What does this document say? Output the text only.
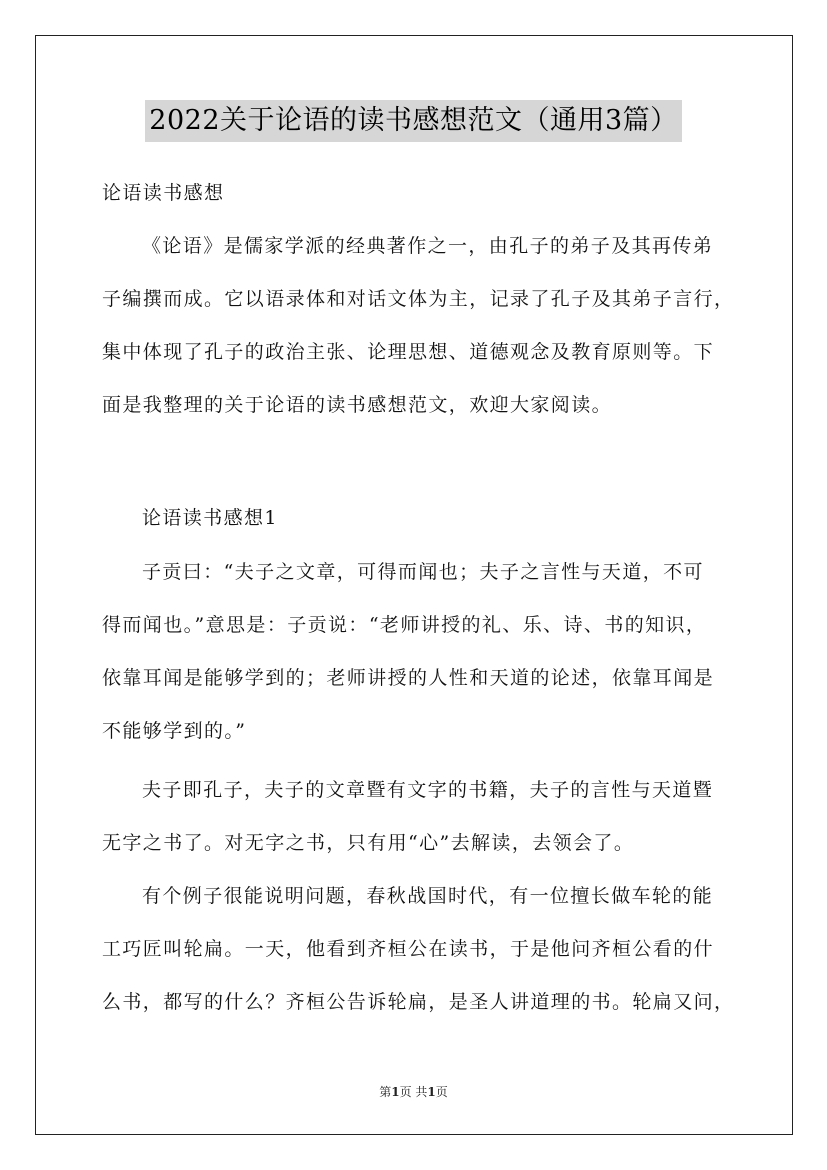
2022关于论语的读书感想范文（通用3篇）
论语读书感想
《论语》是儒家学派的经典著作之一，由孔子的弟子及其再传弟
子编撰而成。它以语录体和对话文体为主，记录了孔子及其弟子言行，
集中体现了孔子的政治主张、论理思想、道德观念及教育原则等。下
面是我整理的关于论语的读书感想范文，欢迎大家阅读。
论语读书感想1
子贡曰：“夫子之文章，可得而闻也；夫子之言性与天道，不可
得而闻也。”意思是：子贡说：“老师讲授的礼、乐、诗、书的知识，
依靠耳闻是能够学到的；老师讲授的人性和天道的论述，依靠耳闻是
不能够学到的。”
夫子即孔子，夫子的文章暨有文字的书籍，夫子的言性与天道暨
无字之书了。对无字之书，只有用“心”去解读，去领会了。
有个例子很能说明问题，春秋战国时代，有一位擅长做车轮的能
工巧匠叫轮扁。一天，他看到齐桓公在读书，于是他问齐桓公看的什
么书，都写的什么？齐桓公告诉轮扁，是圣人讲道理的书。轮扁又问，
第1页 共1页
